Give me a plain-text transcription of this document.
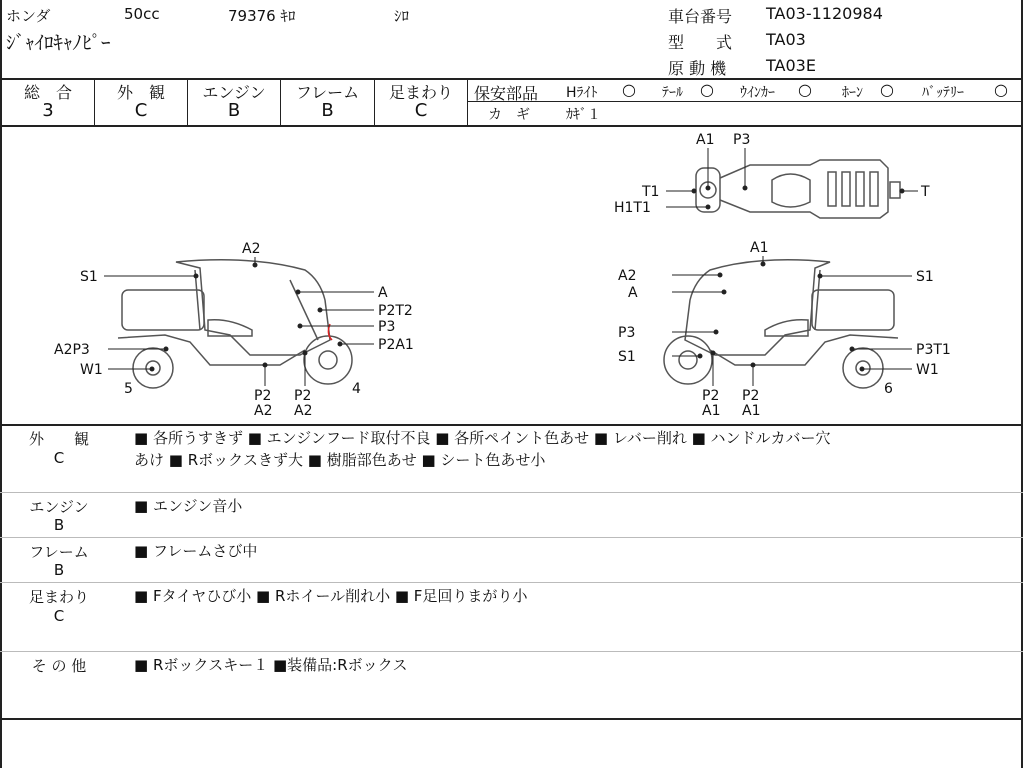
ホンダ	50cc	79376 ｷﾛ	ｼﾛ
ｼﾞｬｲﾛｷｬﾉﾋﾟｰ
車台番号 TA03-1120984
型　　式 TA03
原 動 機 TA03E
総　合	外　観	エンジン	フレーム	足まわり
3	C	B	B	C
保安部品 Hﾗｲﾄ ○ ﾃｰﾙ ○ ｳｲﾝｶｰ ○ ﾎｰﾝ ○ ﾊﾞｯﾃﾘｰ ○
カ　ギ	ｶｷﾞ１
A2
S1
A
P2T2
P3
P2A1
A2P3
W1
5	4
P2
A2
P2
A2
A1
A2	S1
A
P3
S1	P3T1
W1
6
P2
A1
P2
A1
A1 P3
T1
H1T1
T
外　　観
C
■ 各所うすきず ■ エンジンフード取付不良 ■ 各所ペイント色あせ ■ レバー削れ ■ ハンドルカバー穴
あけ ■ Rボックスきず大 ■ 樹脂部色あせ ■ シート色あせ小
エンジン
B
■ エンジン音小
フレーム
B
■ フレームさび中
足まわり
C
■ Fタイヤひび小 ■ Rホイール削れ小 ■ F足回りまがり小
そ の 他	■ Rボックスキー１ ■装備品:Rボックス
